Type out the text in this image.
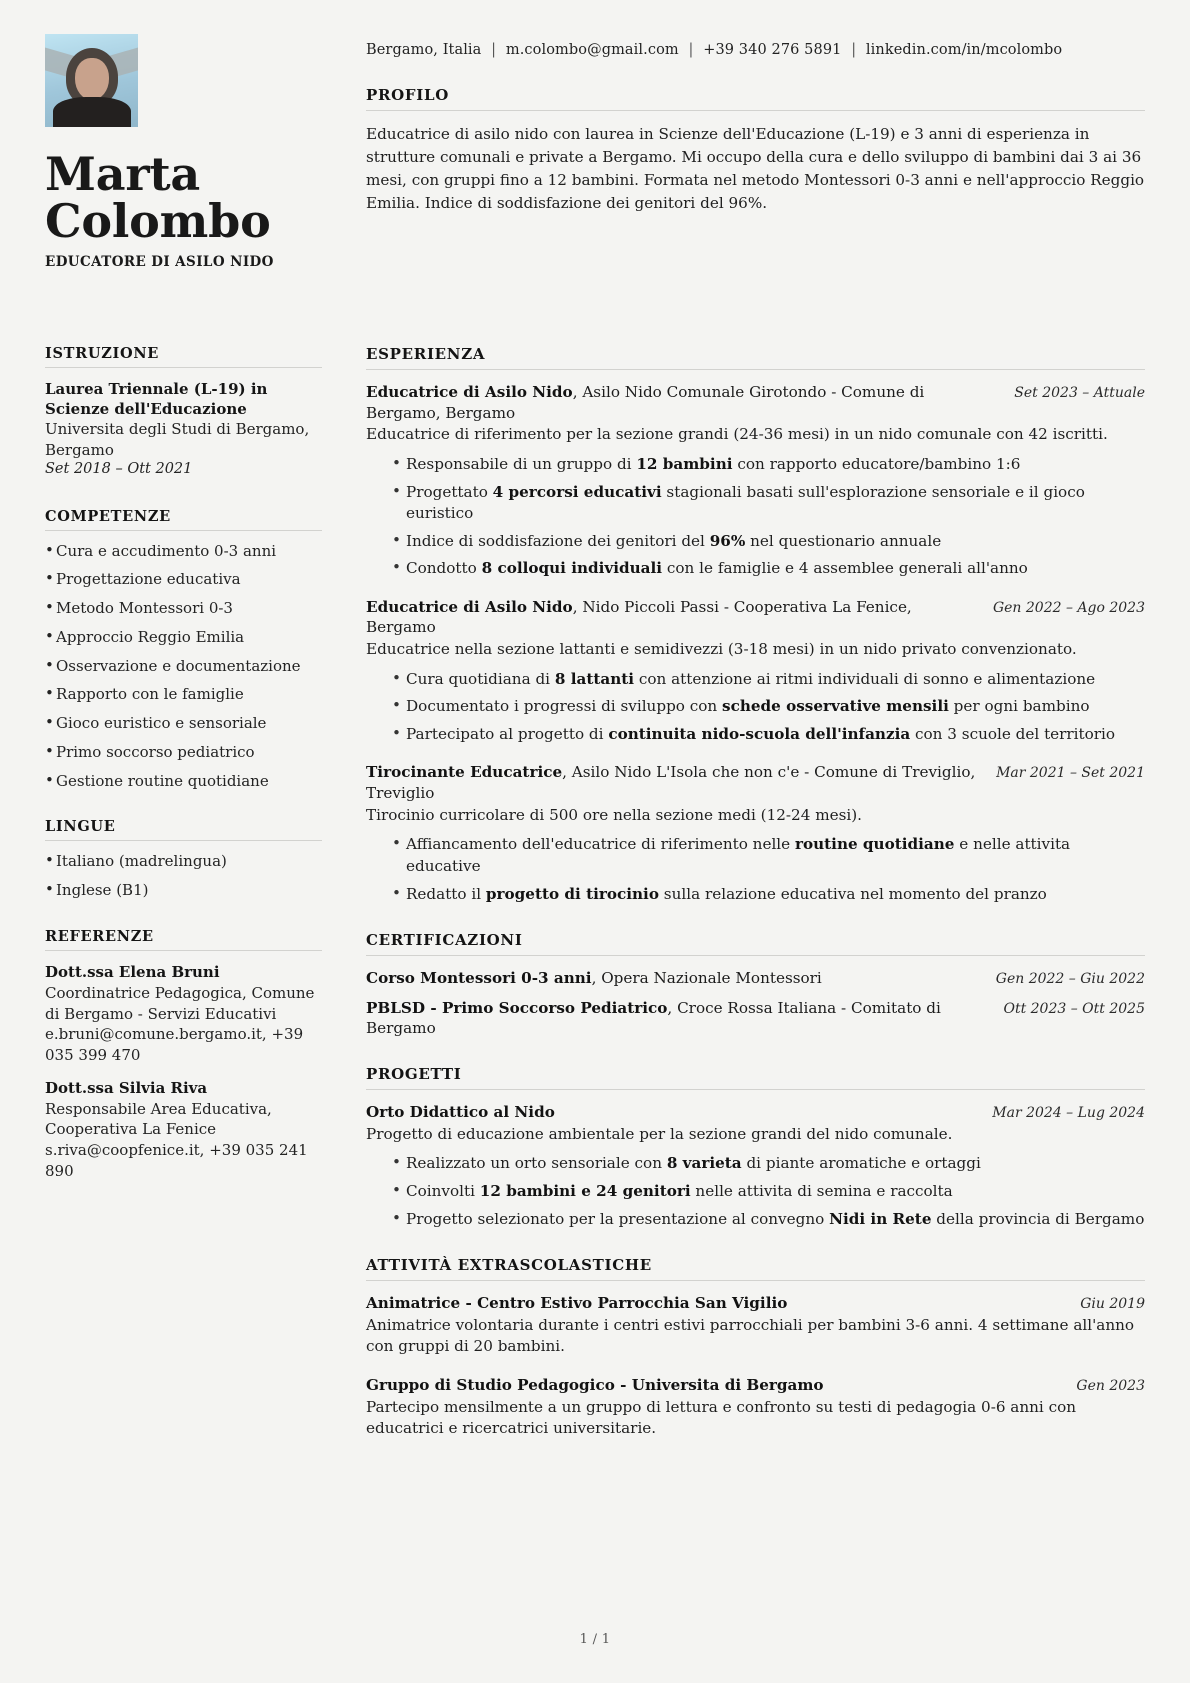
Marta
Colombo
EDUCATORE DI ASILO NIDO
Bergamo, Italia | m.colombo@gmail.com | +39 340 276 5891 | linkedin.com/in/mcolombo
PROFILO
Educatrice di asilo nido con laurea in Scienze dell'Educazione (L-19) e 3 anni di esperienza in strutture comunali e private a Bergamo. Mi occupo della cura e dello sviluppo di bambini dai 3 ai 36 mesi, con gruppi fino a 12 bambini. Formata nel metodo Montessori 0-3 anni e nell'approccio Reggio Emilia. Indice di soddisfazione dei genitori del 96%.
ISTRUZIONE
Laurea Triennale (L-19) in Scienze dell'Educazione
Universita degli Studi di Bergamo, Bergamo
Set 2018 – Ott 2021
COMPETENZE
• Cura e accudimento 0-3 anni
• Progettazione educativa
• Metodo Montessori 0-3
• Approccio Reggio Emilia
• Osservazione e documentazione
• Rapporto con le famiglie
• Gioco euristico e sensoriale
• Primo soccorso pediatrico
• Gestione routine quotidiane
LINGUE
• Italiano (madrelingua)
• Inglese (B1)
REFERENZE
Dott.ssa Elena Bruni
Coordinatrice Pedagogica, Comune di Bergamo - Servizi Educativi
e.bruni@comune.bergamo.it, +39 035 399 470
Dott.ssa Silvia Riva
Responsabile Area Educativa, Cooperativa La Fenice
s.riva@coopfenice.it, +39 035 241 890
ESPERIENZA
Educatrice di Asilo Nido, Asilo Nido Comunale Girotondo - Comune di Bergamo, Bergamo
Set 2023 – Attuale
Educatrice di riferimento per la sezione grandi (24-36 mesi) in un nido comunale con 42 iscritti.
• Responsabile di un gruppo di 12 bambini con rapporto educatore/bambino 1:6
• Progettato 4 percorsi educativi stagionali basati sull'esplorazione sensoriale e il gioco euristico
• Indice di soddisfazione dei genitori del 96% nel questionario annuale
• Condotto 8 colloqui individuali con le famiglie e 4 assemblee generali all'anno
Educatrice di Asilo Nido, Nido Piccoli Passi - Cooperativa La Fenice, Bergamo
Gen 2022 – Ago 2023
Educatrice nella sezione lattanti e semidivezzi (3-18 mesi) in un nido privato convenzionato.
• Cura quotidiana di 8 lattanti con attenzione ai ritmi individuali di sonno e alimentazione
• Documentato i progressi di sviluppo con schede osservative mensili per ogni bambino
• Partecipato al progetto di continuita nido-scuola dell'infanzia con 3 scuole del territorio
Tirocinante Educatrice, Asilo Nido L'Isola che non c'e - Comune di Treviglio, Treviglio
Mar 2021 – Set 2021
Tirocinio curricolare di 500 ore nella sezione medi (12-24 mesi).
• Affiancamento dell'educatrice di riferimento nelle routine quotidiane e nelle attivita educative
• Redatto il progetto di tirocinio sulla relazione educativa nel momento del pranzo
CERTIFICAZIONI
Corso Montessori 0-3 anni, Opera Nazionale Montessori	Gen 2022 – Giu 2022
PBLSD - Primo Soccorso Pediatrico, Croce Rossa Italiana - Comitato di Bergamo
Ott 2023 – Ott 2025
PROGETTI
Orto Didattico al Nido	Mar 2024 – Lug 2024
Progetto di educazione ambientale per la sezione grandi del nido comunale.
• Realizzato un orto sensoriale con 8 varieta di piante aromatiche e ortaggi
• Coinvolti 12 bambini e 24 genitori nelle attivita di semina e raccolta
• Progetto selezionato per la presentazione al convegno Nidi in Rete della provincia di Bergamo
ATTIVITÀ EXTRASCOLASTICHE
Animatrice - Centro Estivo Parrocchia San Vigilio	Giu 2019
Animatrice volontaria durante i centri estivi parrocchiali per bambini 3-6 anni. 4 settimane all'anno con gruppi di 20 bambini.
Gruppo di Studio Pedagogico - Universita di Bergamo	Gen 2023
Partecipo mensilmente a un gruppo di lettura e confronto su testi di pedagogia 0-6 anni con educatrici e ricercatrici universitarie.
1 / 1
